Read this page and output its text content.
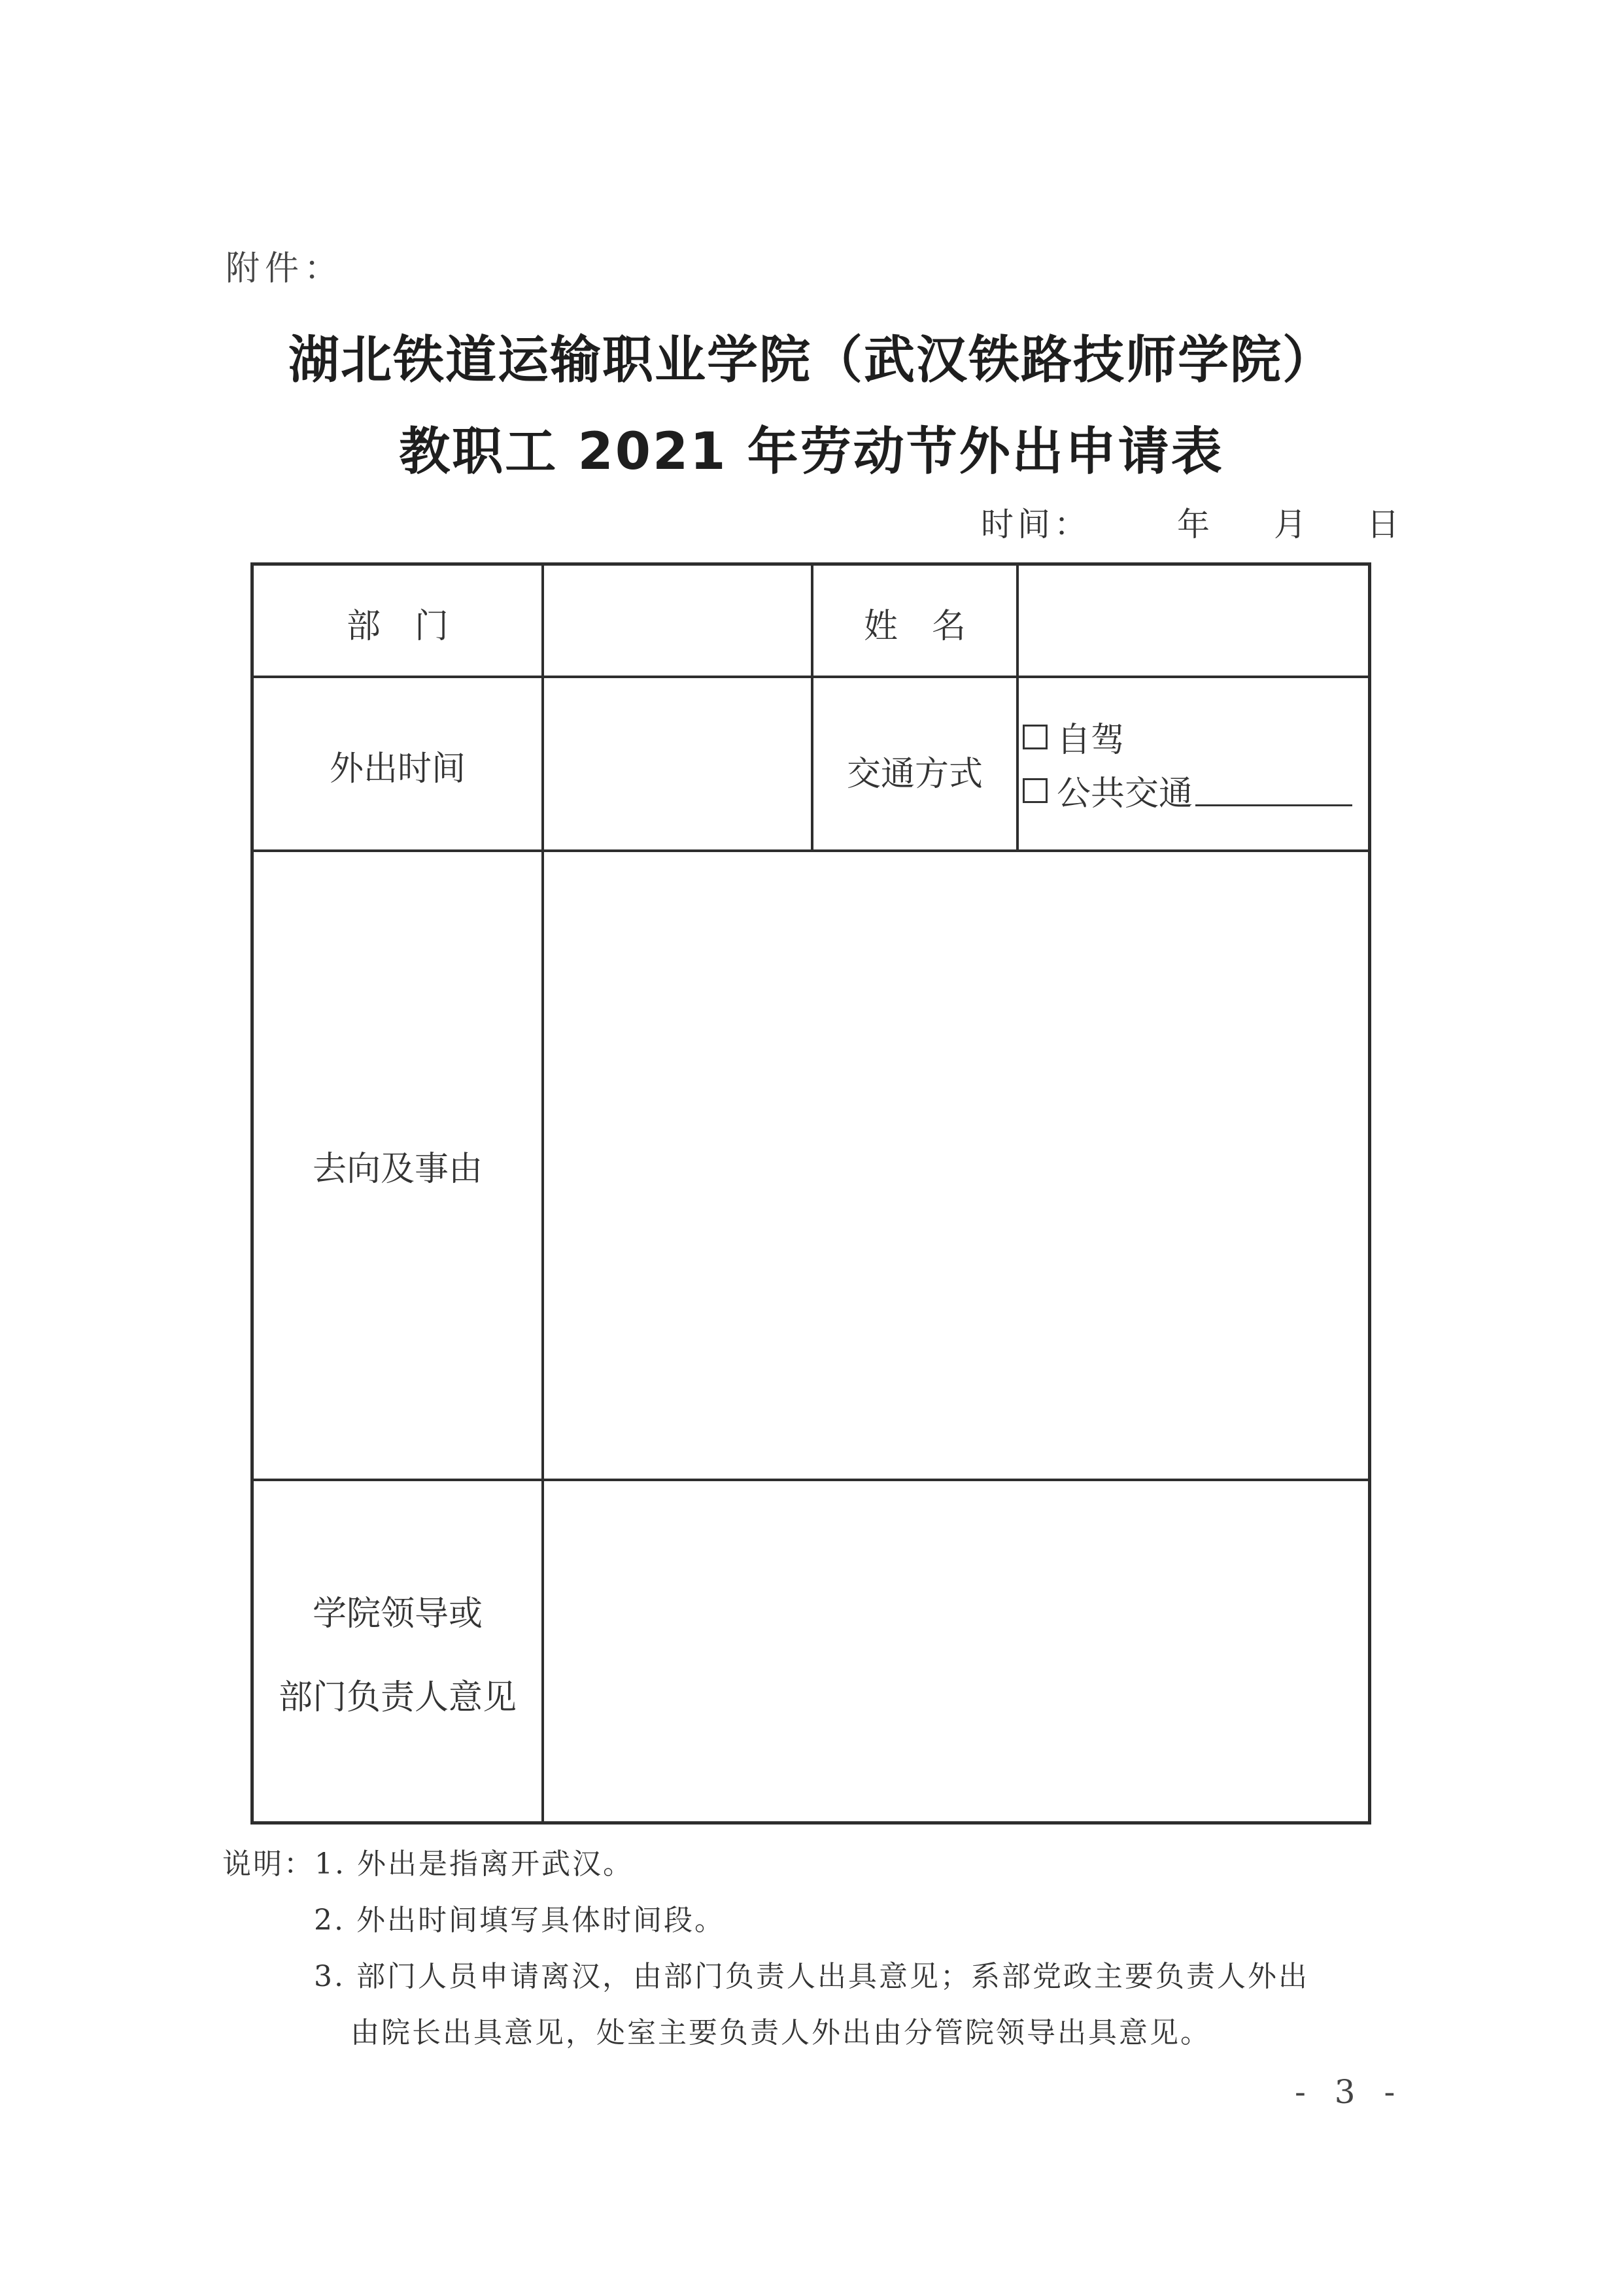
附件：
湖北铁道运输职业学院（武汉铁路技师学院）
教职工 2021 年劳动节外出申请表
时间：	年 月 日
部　门	姓　名
外出时间	交通方式
自驾
公共交通
去向及事由
学院领导或
部门负责人意见
说明：1. 外出是指离开武汉。
2. 外出时间填写具体时间段。
3. 部门人员申请离汉，由部门负责人出具意见；系部党政主要负责人外出
由院长出具意见，处室主要负责人外出由分管院领导出具意见。
- 3 -
